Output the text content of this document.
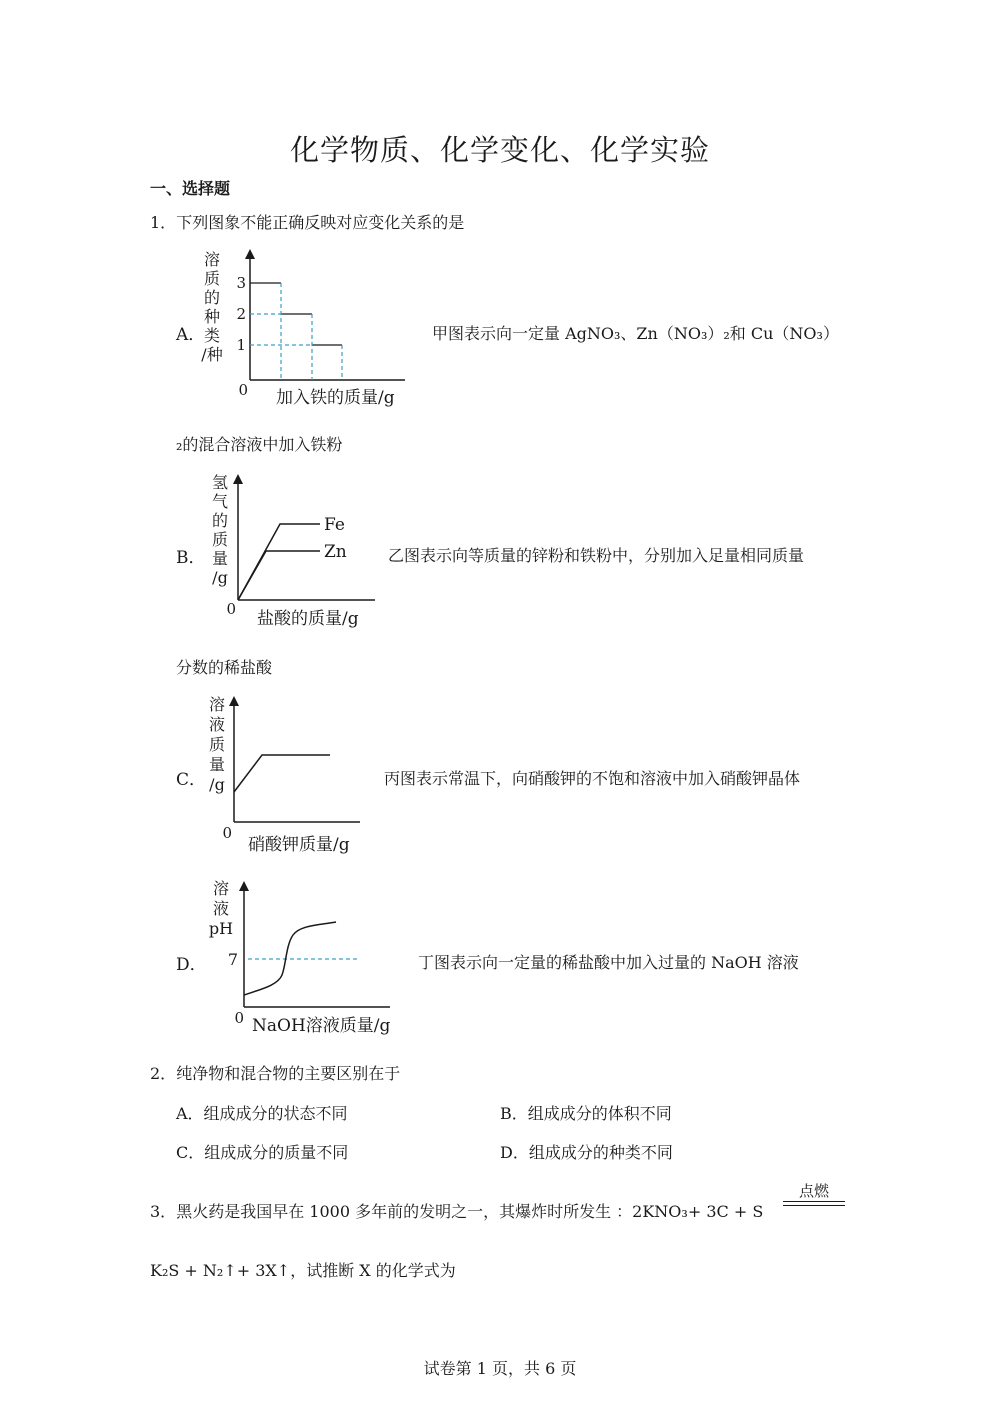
化学物质、化学变化、化学实验
一、选择题
1．下列图象不能正确反映对应变化关系的是
A．
溶
质
的
种
类
/种
3
2
1
0 加入铁的质量/g
甲图表示向一定量 AgNO₃、Zn（NO₃）₂和 Cu（NO₃）
₂的混合溶液中加入铁粉
B．
氢
气
的
质
量
/g
Fe
Zn
0 盐酸的质量/g
乙图表示向等质量的锌粉和铁粉中，分别加入足量相同质量
分数的稀盐酸
C．
溶
液
质
量
/g
0
硝酸钾质量/g
丙图表示常温下，向硝酸钾的不饱和溶液中加入硝酸钾晶体
D．
溶
液
pH
7
0 NaOH溶液质量/g
丁图表示向一定量的稀盐酸中加入过量的 NaOH 溶液
2．纯净物和混合物的主要区别在于
A．组成成分的状态不同	B．组成成分的体积不同
C．组成成分的质量不同	D．组成成分的种类不同
3．黑火药是我国早在 1000 多年前的发明之一，其爆炸时所发生 ：2KNO₃+ 3C + S
点燃
K₂S + N₂↑+ 3X↑，试推断 X 的化学式为
试卷第 1 页，共 6 页
